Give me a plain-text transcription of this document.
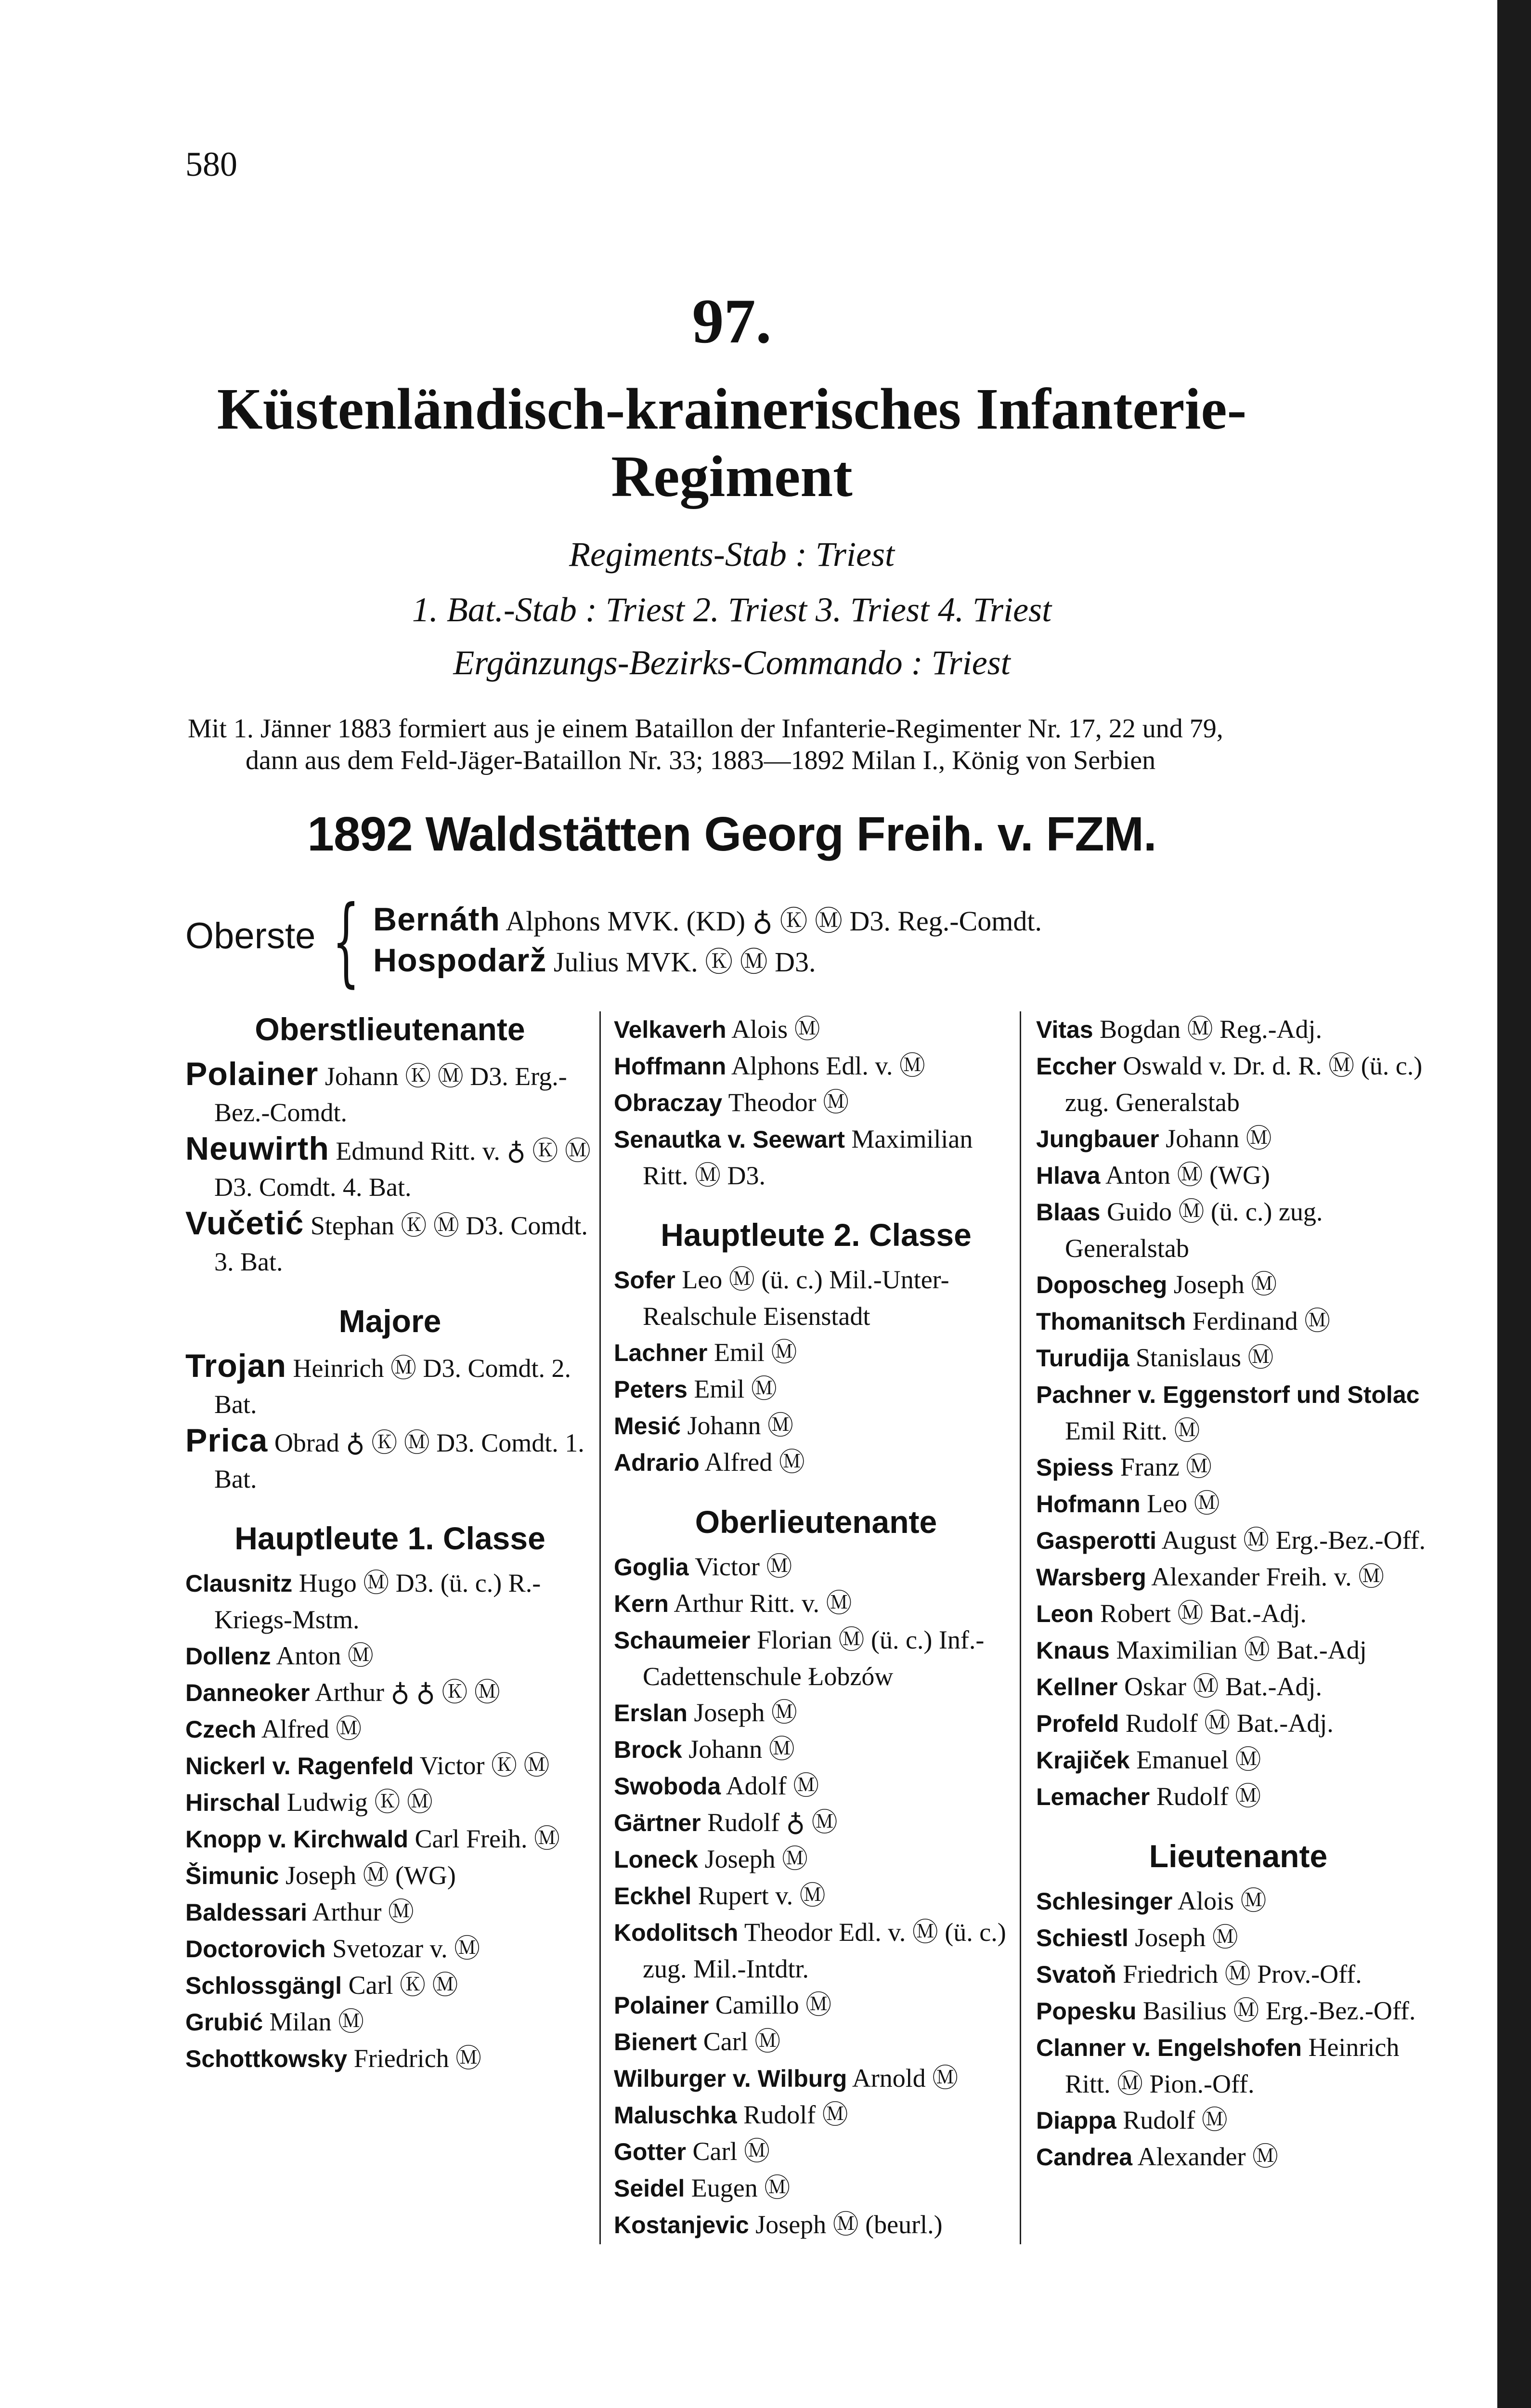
580
97.
Küstenländisch-krainerisches Infanterie-
Regiment
Regiments-Stab : Triest
1. Bat.-Stab : Triest 2. Triest 3. Triest 4. Triest
Ergänzungs-Bezirks-Commando : Triest
Mit 1. Jänner 1883 formiert aus je einem Bataillon der Infanterie-Regimenter Nr. 17, 22 und 79,
dann aus dem Feld-Jäger-Bataillon Nr. 33; 1883—1892 Milan I., König von Serbien
1892 Waldstätten Georg Freih. v. FZM.
Oberste { Bernáth Alphons MVK. (KD) ♁ Ⓚ Ⓜ D3. Reg.-Comdt.
Hospodarž Julius MVK. Ⓚ Ⓜ D3.
Oberstlieutenante
Polainer Johann Ⓚ Ⓜ D3. Erg.-Bez.-Comdt.
Neuwirth Edmund Ritt. v. ♁ Ⓚ Ⓜ D3. Comdt. 4. Bat.
Vučetić Stephan Ⓚ Ⓜ D3. Comdt. 3. Bat.
Majore
Trojan Heinrich Ⓜ D3. Comdt. 2. Bat.
Prica Obrad ♁ Ⓚ Ⓜ D3. Comdt. 1. Bat.
Hauptleute 1. Classe
Clausnitz Hugo Ⓜ D3. (ü. c.) R.-Kriegs-Mstm.
Dollenz Anton Ⓜ
Danneoker Arthur ♁ ♁ Ⓚ Ⓜ
Czech Alfred Ⓜ
Nickerl v. Ragenfeld Victor Ⓚ Ⓜ
Hirschal Ludwig Ⓚ Ⓜ
Knopp v. Kirchwald Carl Freih. Ⓜ
Šimunic Joseph Ⓜ (WG)
Baldessari Arthur Ⓜ
Doctorovich Svetozar v. Ⓜ
Schlossgängl Carl Ⓚ Ⓜ
Grubić Milan Ⓜ
Schottkowsky Friedrich Ⓜ
Velkaverh Alois Ⓜ
Hoffmann Alphons Edl. v. Ⓜ
Obraczay Theodor Ⓜ
Senautka v. Seewart Maximilian Ritt. Ⓜ D3.
Hauptleute 2. Classe
Sofer Leo Ⓜ (ü. c.) Mil.-Unter-Realschule Eisenstadt
Lachner Emil Ⓜ
Peters Emil Ⓜ
Mesić Johann Ⓜ
Adrario Alfred Ⓜ
Oberlieutenante
Goglia Victor Ⓜ
Kern Arthur Ritt. v. Ⓜ
Schaumeier Florian Ⓜ (ü. c.) Inf.-Cadettenschule Łobzów
Erslan Joseph Ⓜ
Brock Johann Ⓜ
Swoboda Adolf Ⓜ
Gärtner Rudolf ♁ Ⓜ
Loneck Joseph Ⓜ
Eckhel Rupert v. Ⓜ
Kodolitsch Theodor Edl. v. Ⓜ (ü. c.) zug. Mil.-Intdtr.
Polainer Camillo Ⓜ
Bienert Carl Ⓜ
Wilburger v. Wilburg Arnold Ⓜ
Maluschka Rudolf Ⓜ
Gotter Carl Ⓜ
Seidel Eugen Ⓜ
Kostanjevic Joseph Ⓜ (beurl.)
Vitas Bogdan Ⓜ Reg.-Adj.
Eccher Oswald v. Dr. d. R. Ⓜ (ü. c.) zug. Generalstab
Jungbauer Johann Ⓜ
Hlava Anton Ⓜ (WG)
Blaas Guido Ⓜ (ü. c.) zug. Generalstab
Doposcheg Joseph Ⓜ
Thomanitsch Ferdinand Ⓜ
Turudija Stanislaus Ⓜ
Pachner v. Eggenstorf und Stolac Emil Ritt. Ⓜ
Spiess Franz Ⓜ
Hofmann Leo Ⓜ
Gasperotti August Ⓜ Erg.-Bez.-Off.
Warsberg Alexander Freih. v. Ⓜ
Leon Robert Ⓜ Bat.-Adj.
Knaus Maximilian Ⓜ Bat.-Adj
Kellner Oskar Ⓜ Bat.-Adj.
Profeld Rudolf Ⓜ Bat.-Adj.
Krajiček Emanuel Ⓜ
Lemacher Rudolf Ⓜ
Lieutenante
Schlesinger Alois Ⓜ
Schiestl Joseph Ⓜ
Svatoň Friedrich Ⓜ Prov.-Off.
Popesku Basilius Ⓜ Erg.-Bez.-Off.
Clanner v. Engelshofen Heinrich Ritt. Ⓜ Pion.-Off.
Diappa Rudolf Ⓜ
Candrea Alexander Ⓜ
